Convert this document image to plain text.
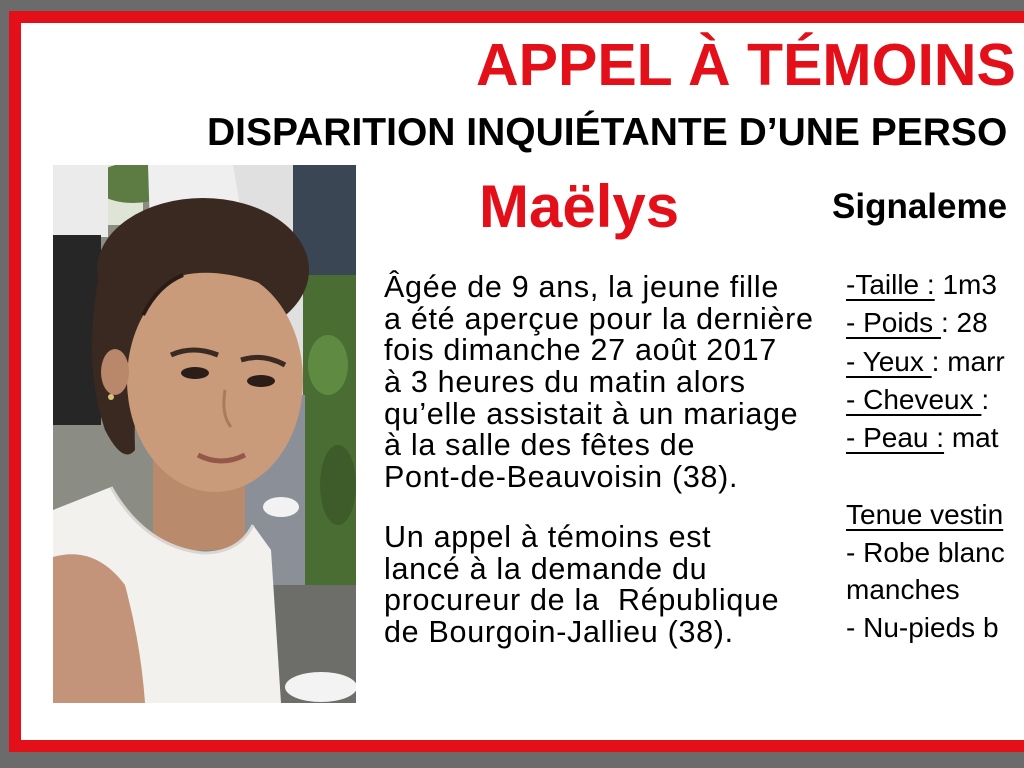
APPEL À TÉMOINS
DISPARITION INQUIÉTANTE D’UNE PERSO
Maëlys	Signaleme
Âgée de 9 ans, la jeune fille
a été aperçue pour la dernière
fois dimanche 27 août 2017
à 3 heures du matin alors
qu’elle assistait à un mariage
à la salle des fêtes de
Pont-de-Beauvoisin (38).
Un appel à témoins est
lancé à la demande du
procureur de la  République
de Bourgoin-Jallieu (38).
-Taille : 1m3
- Poids : 28
- Yeux : marr
- Cheveux :
- Peau : mat
Tenue vestin
- Robe blanc
manches
- Nu-pieds b
